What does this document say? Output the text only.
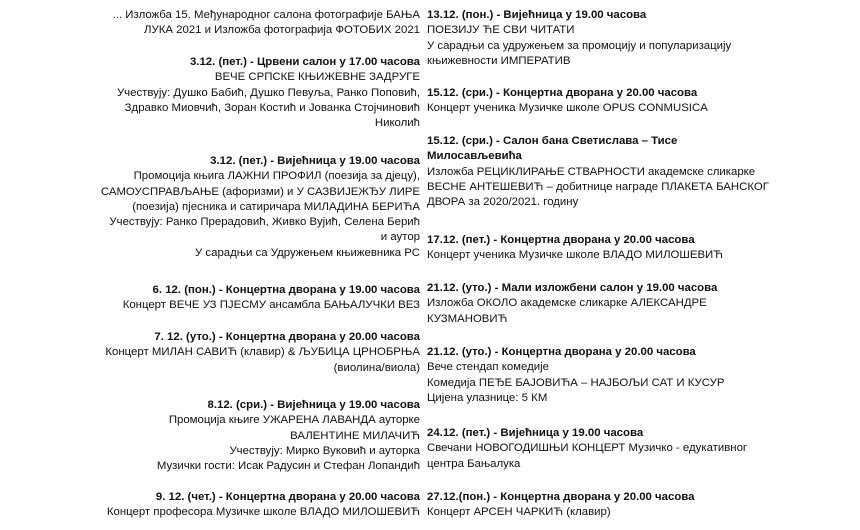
... Изложба 15. Међународног салона фотографије БАЊА
ЛУКА 2021 и Изложба фотографија ФОТОБИХ 2021
3.12. (пет.) - Црвени салон у 17.00 часова
ВЕЧЕ СРПСКЕ КЊИЖЕВНЕ ЗАДРУГЕ
Учествују: Душко Бабић, Душко Певуља, Ранко Поповић,
Здравко Миовчић, Зоран Костић и Јованка Стојчиновић
Николић
3.12. (пет.) - Вијећница у 19.00 часова
Промоција књига ЛАЖНИ ПРОФИЛ (поезија за дјецу),
САМОУСПРАВЉАЊЕ (афоризми) и У САЗВИЈЕЖЂУ ЛИРЕ
(поезија) пјесника и сатиричара МИЛАДИНА БЕРИЋА
Учествују: Ранко Прерадовић, Живко Вујић, Селена Берић
и аутор
У сарадњи са Удружењем књижевника РС
6. 12. (пон.) - Концертна дворана у 19.00 часова
Концерт ВЕЧЕ УЗ ПЈЕСМУ ансамбла БАЊАЛУЧКИ ВЕЗ
7. 12. (уто.) - Концертна дворана у 20.00 часова
Концерт МИЛАН САВИЋ (клавир) & ЉУБИЦА ЦРНОБРЊА
(виолина/виола)
8.12. (сри.) - Вијећница у 19.00 часова
Промоција књиге УЖАРЕНА ЛАВАНДА ауторке
ВАЛЕНТИНЕ МИЛАЧИЋ
Учествују: Мирко Вуковић и ауторка
Музички гости: Исак Радусин и Стефан Лопандић
9. 12. (чет.) - Концертна дворана у 20.00 часова
Концерт професора Музичке школе ВЛАДО МИЛОШЕВИЋ
13.12. (пон.) - Вијећница у 19.00 часова
ПОЕЗИЈУ ЋЕ СВИ ЧИТАТИ
У сарадњи са удружењем за промоцију и популаризацију
књижевности ИМПЕРАТИВ
15.12. (сри.) - Концертна дворана у 20.00 часова
Концерт ученика Музичке школе OPUS CONMUSICA
15.12. (сри.) - Салон бана Светислава – Тисе
Милосављевића
Изложба РЕЦИКЛИРАЊЕ СТВАРНОСТИ академске сликарке
ВЕСНЕ АНТЕШЕВИЋ – добитнице награде ПЛАКЕТА БАНСКОГ
ДВОРА за 2020/2021. годину
17.12. (пет.) - Концертна дворана у 20.00 часова
Концерт ученика Музичке школе ВЛАДО МИЛОШЕВИЋ
21.12. (уто.) - Мали изложбени салон у 19.00 часова
Изложба ОКОЛО академске сликарке АЛЕКСАНДРЕ
КУЗМАНОВИЋ
21.12. (уто.) - Концертна дворана у 20.00 часова
Вече стендап комедије
Комедија ПЕЂЕ БАЈОВИЋА – НАЈБОЉИ САТ И КУСУР
Цијена улазнице: 5 КМ
24.12. (пет.) - Вијећница у 19.00 часова
Свечани НОВОГОДИШЊИ КОНЦЕРТ Музичко - едукативног
центра Бањалука
27.12.(пон.) - Концертна дворана у 20.00 часова
Концерт АРСЕН ЧАРКИЋ (клавир)
